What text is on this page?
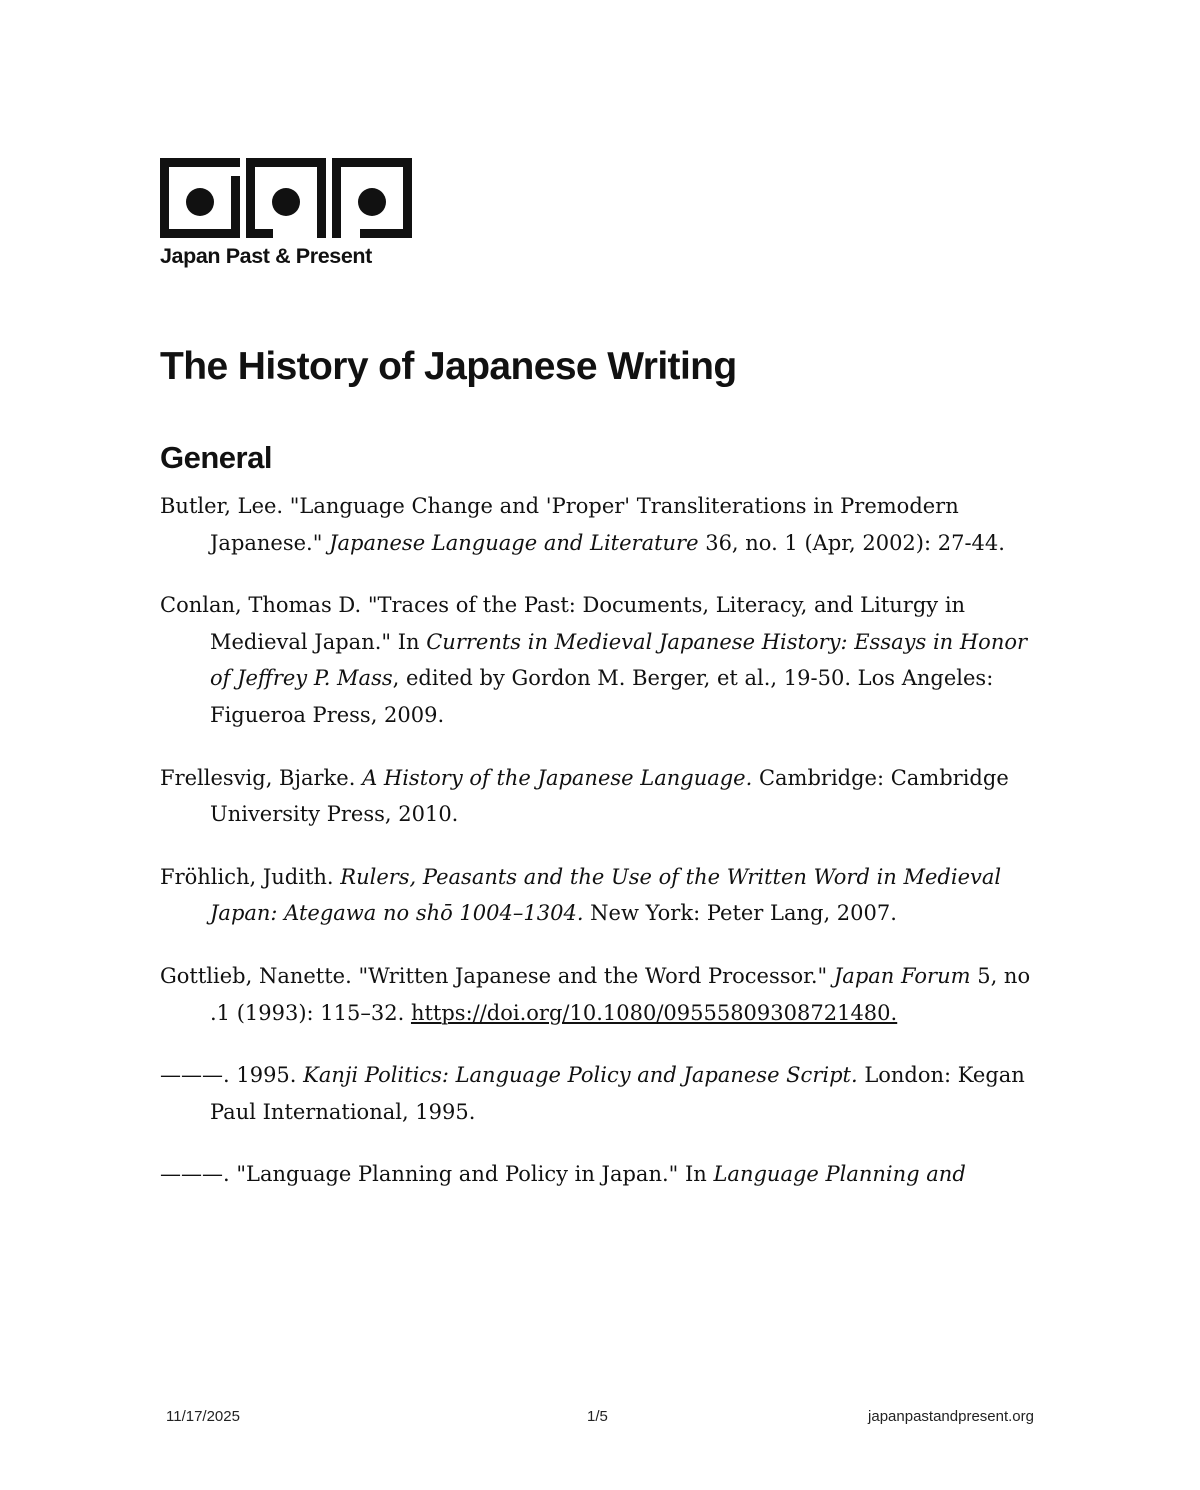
Japan Past & Present
The History of Japanese Writing
General

Butler, Lee. "Language Change and 'Proper' Transliterations in Premodern Japanese." Japanese Language and Literature 36, no. 1 (Apr, 2002): 27-44.

Conlan, Thomas D. "Traces of the Past: Documents, Literacy, and Liturgy in Medieval Japan." In Currents in Medieval Japanese History: Essays in Honor of Jeffrey P. Mass, edited by Gordon M. Berger, et al., 19-50. Los Angeles: Figueroa Press, 2009.

Frellesvig, Bjarke. A History of the Japanese Language. Cambridge: Cambridge University Press, 2010.

Fröhlich, Judith. Rulers, Peasants and the Use of the Written Word in Medieval Japan: Ategawa no shō 1004–1304. New York: Peter Lang, 2007.

Gottlieb, Nanette. "Written Japanese and the Word Processor." Japan Forum 5, no .1 (1993): 115–32. https://doi.org/10.1080/09555809308721480.

———. 1995. Kanji Politics: Language Policy and Japanese Script. London: Kegan Paul International, 1995.

———. "Language Planning and Policy in Japan." In Language Planning and

11/17/2025	1/5	japanpastandpresent.org
